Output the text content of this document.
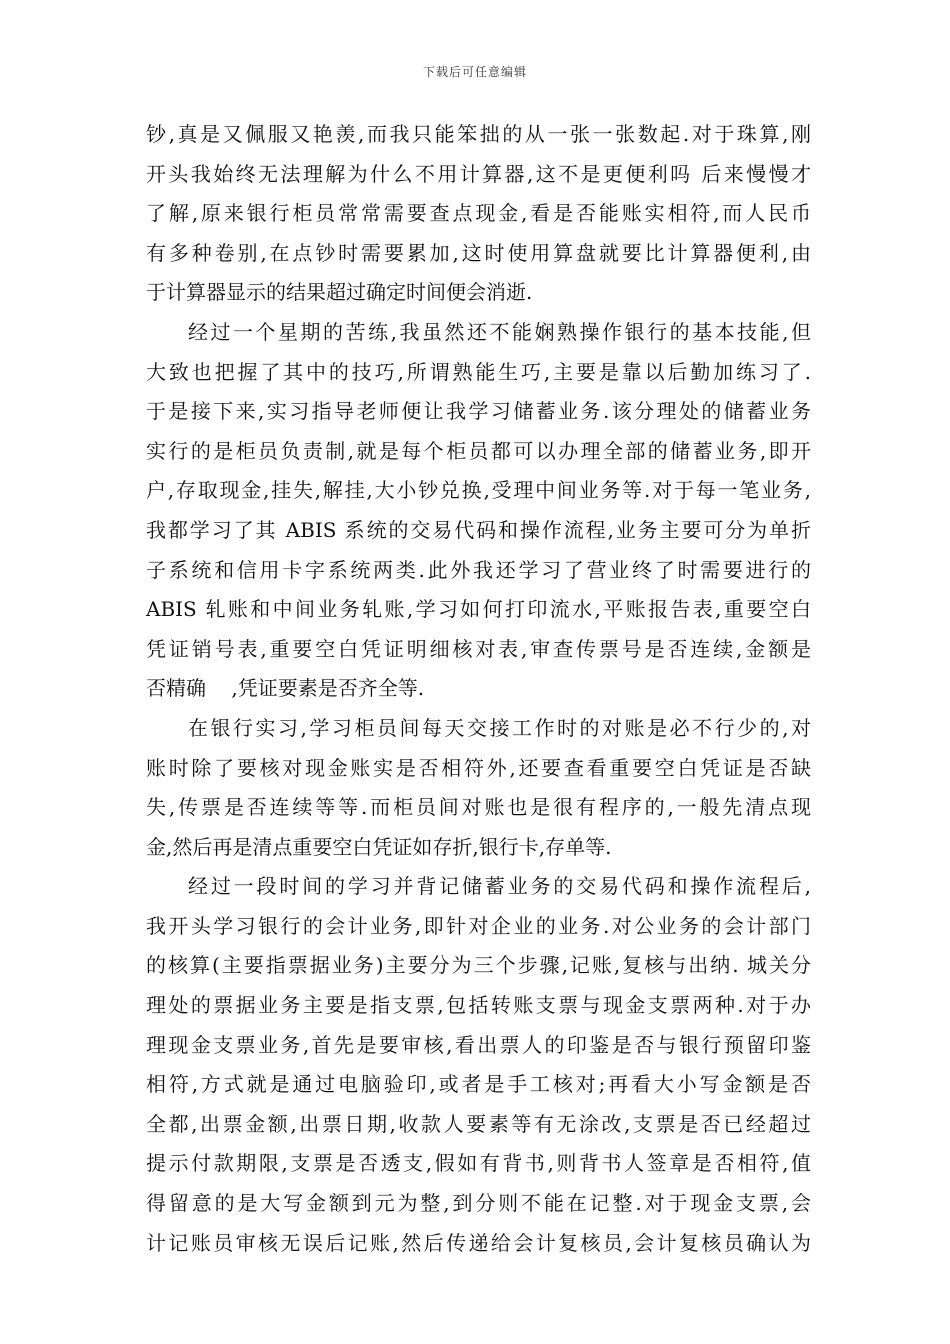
下载后可任意编辑
钞,真是又佩服又艳羡,而我只能笨拙的从一张一张数起.对于珠算,刚
开头我始终无法理解为什么不用计算器,这不是更便利吗 后来慢慢才
了解,原来银行柜员常常需要查点现金,看是否能账实相符,而人民币
有多种卷别,在点钞时需要累加,这时使用算盘就要比计算器便利,由
于计算器显示的结果超过确定时间便会消逝.
经过一个星期的苦练,我虽然还不能娴熟操作银行的基本技能,但
大致也把握了其中的技巧,所谓熟能生巧,主要是靠以后勤加练习了.
于是接下来,实习指导老师便让我学习储蓄业务.该分理处的储蓄业务
实行的是柜员负责制,就是每个柜员都可以办理全部的储蓄业务,即开
户,存取现金,挂失,解挂,大小钞兑换,受理中间业务等.对于每一笔业务,
我都学习了其 ABIS 系统的交易代码和操作流程,业务主要可分为单折
子系统和信用卡字系统两类.此外我还学习了营业终了时需要进行的
ABIS 轧账和中间业务轧账,学习如何打印流水,平账报告表,重要空白
凭证销号表,重要空白凭证明细核对表,审查传票号是否连续,金额是
否精确    ,凭证要素是否齐全等.
在银行实习,学习柜员间每天交接工作时的对账是必不行少的,对
账时除了要核对现金账实是否相符外,还要查看重要空白凭证是否缺
失,传票是否连续等等.而柜员间对账也是很有程序的,一般先清点现
金,然后再是清点重要空白凭证如存折,银行卡,存单等.
经过一段时间的学习并背记储蓄业务的交易代码和操作流程后,
我开头学习银行的会计业务,即针对企业的业务.对公业务的会计部门
的核算(主要指票据业务)主要分为三个步骤,记账,复核与出纳. 城关分
理处的票据业务主要是指支票,包括转账支票与现金支票两种.对于办
理现金支票业务,首先是要审核,看出票人的印鉴是否与银行预留印鉴
相符,方式就是通过电脑验印,或者是手工核对;再看大小写金额是否
全都,出票金额,出票日期,收款人要素等有无涂改,支票是否已经超过
提示付款期限,支票是否透支,假如有背书,则背书人签章是否相符,值
得留意的是大写金额到元为整,到分则不能在记整.对于现金支票,会
计记账员审核无误后记账,然后传递给会计复核员,会计复核员确认为
